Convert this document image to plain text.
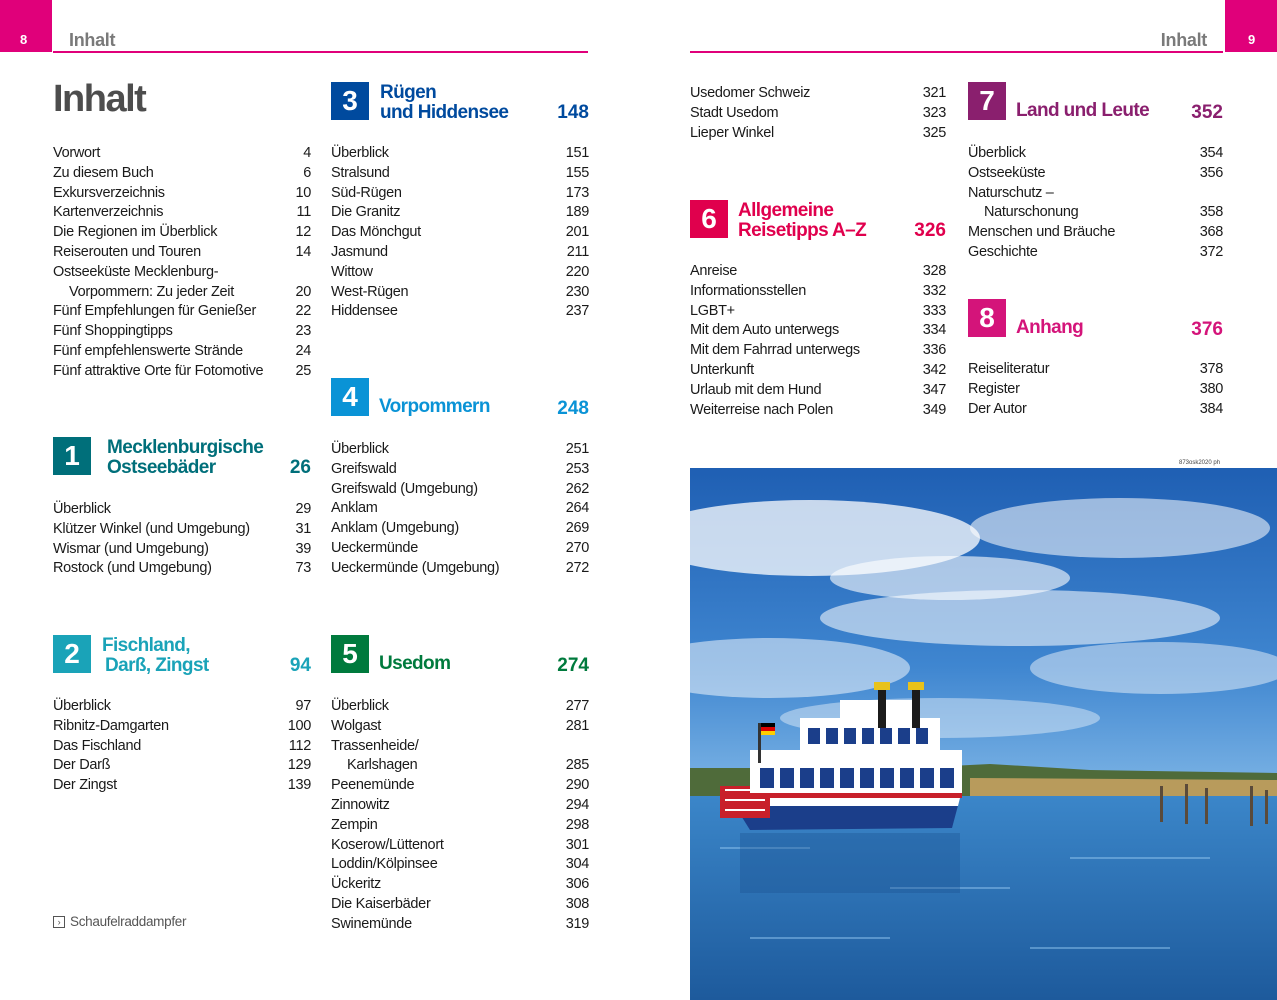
8 Inhalt	9
Inhalt
Inhalt
Vorwort	4
Zu diesem Buch	6
Exkursverzeichnis	10
Kartenverzeichnis	11
Die Regionen im Überblick	12
Reiserouten und Touren	14
Ostseeküste Mecklenburg-
Vorpommern: Zu jeder Zeit	20
Fünf Empfehlungen für Genießer	22
Fünf Shoppingtipps	23
Fünf empfehlenswerte Strände	24
Fünf attraktive Orte für Fotomotive 25
1	Mecklenburgische
Ostseebäder	26
Überblick	29
Klützer Winkel (und Umgebung)	31
Wismar (und Umgebung)	39
Rostock (und Umgebung)	73
2	Fischland,
Darß, Zingst	94
Überblick	97
Ribnitz-Damgarten	100
Das Fischland	112
Der Darß	129
Der Zingst	139
› Schaufelraddampfer
3	Rügen
und Hiddensee	148
Überblick	151
Stralsund	155
Süd-Rügen	173
Die Granitz	189
Das Mönchgut	201
Jasmund	211
Wittow	220
West-Rügen	230
Hiddensee	237
4	Vorpommern	248
Überblick	251
Greifswald	253
Greifswald (Umgebung)	262
Anklam	264
Anklam (Umgebung)	269
Ueckermünde	270
Ueckermünde (Umgebung)	272
5	Usedom	274
Überblick	277
Wolgast	281
Trassenheide/
Karlshagen	285
Peenemünde	290
Zinnowitz	294
Zempin	298
Koserow/Lüttenort	301
Loddin/Kölpinsee	304
Ückeritz	306
Die Kaiserbäder	308
Swinemünde	319
Usedomer Schweiz	321
Stadt Usedom	323
Lieper Winkel	325
6	Allgemeine
Reisetipps A–Z	326
Anreise	328
Informationsstellen	332
LGBT+	333
Mit dem Auto unterwegs	334
Mit dem Fahrrad unterwegs	336
Unterkunft	342
Urlaub mit dem Hund	347
Weiterreise nach Polen	349
7	Land und Leute 352
Überblick	354
Ostseeküste	356
Naturschutz –
Naturschonung	358
Menschen und Bräuche	368
Geschichte	372
8	Anhang	376
Reiseliteratur	378
Register	380
Der Autor	384
873osk2020 ph
